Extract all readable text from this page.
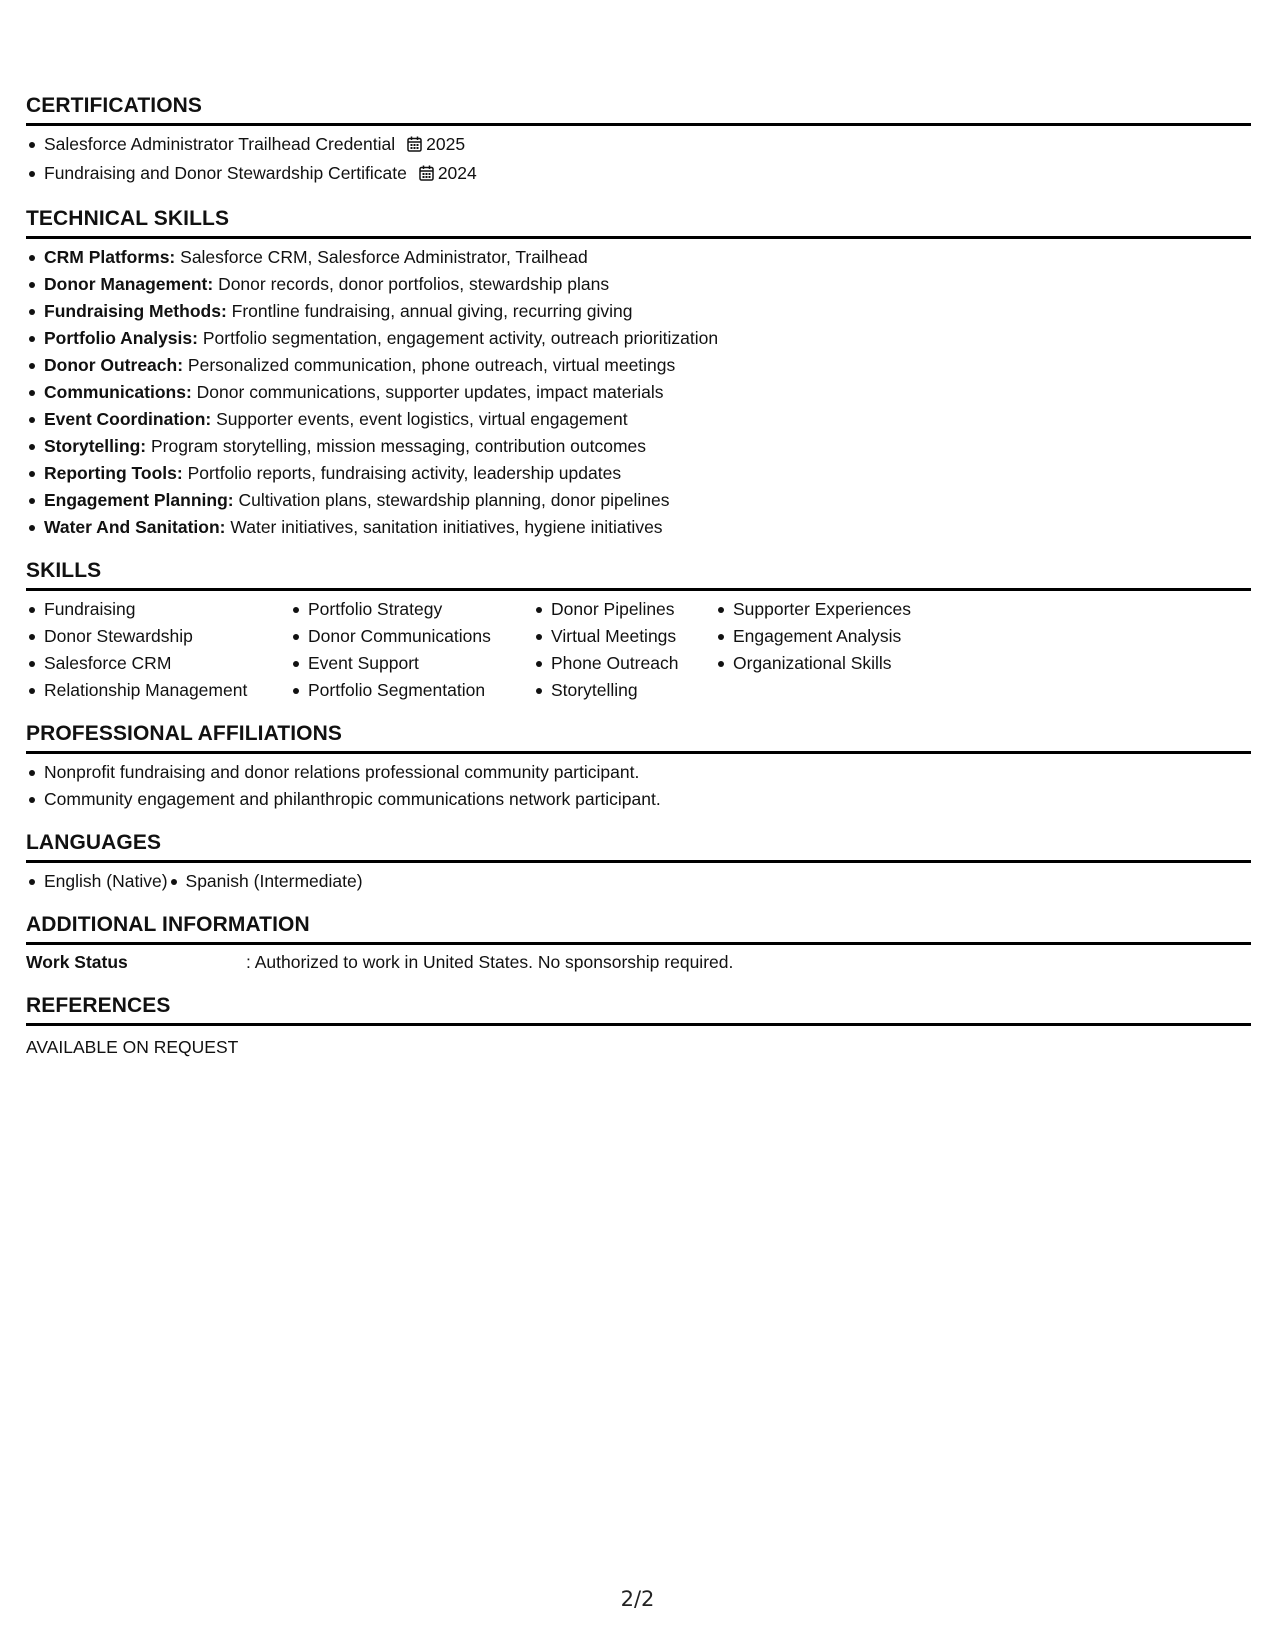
CERTIFICATIONS
Salesforce Administrator Trailhead Credential 2025
Fundraising and Donor Stewardship Certificate 2024
TECHNICAL SKILLS
CRM Platforms: Salesforce CRM, Salesforce Administrator, Trailhead
Donor Management: Donor records, donor portfolios, stewardship plans
Fundraising Methods: Frontline fundraising, annual giving, recurring giving
Portfolio Analysis: Portfolio segmentation, engagement activity, outreach prioritization
Donor Outreach: Personalized communication, phone outreach, virtual meetings
Communications: Donor communications, supporter updates, impact materials
Event Coordination: Supporter events, event logistics, virtual engagement
Storytelling: Program storytelling, mission messaging, contribution outcomes
Reporting Tools: Portfolio reports, fundraising activity, leadership updates
Engagement Planning: Cultivation plans, stewardship planning, donor pipelines
Water And Sanitation: Water initiatives, sanitation initiatives, hygiene initiatives
SKILLS
Fundraising
Donor Stewardship
Salesforce CRM
Relationship Management
Portfolio Strategy
Donor Communications
Event Support
Portfolio Segmentation
Donor Pipelines
Virtual Meetings
Phone Outreach
Storytelling
Supporter Experiences
Engagement Analysis
Organizational Skills
PROFESSIONAL AFFILIATIONS
Nonprofit fundraising and donor relations professional community participant.
Community engagement and philanthropic communications network participant.
LANGUAGES
English (Native)	Spanish (Intermediate)
ADDITIONAL INFORMATION
Work Status	: Authorized to work in United States. No sponsorship required.
REFERENCES
AVAILABLE ON REQUEST
2/2
